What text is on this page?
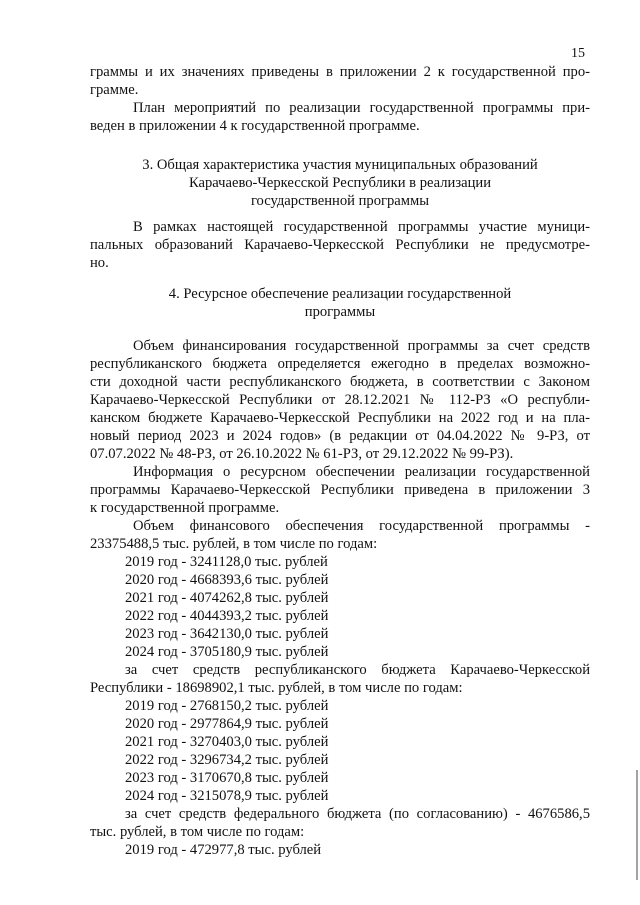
15
граммы и их значениях приведены в приложении 2 к государственной про-
грамме.
План мероприятий по реализации государственной программы при-
веден в приложении 4 к государственной программе.
3. Общая характеристика участия муниципальных образований
Карачаево-Черкесской Республики в реализации
государственной программы
В рамках настоящей государственной программы участие муници-
пальных образований Карачаево-Черкесской Республики не предусмотре-
но.
4. Ресурсное обеспечение реализации государственной
программы
Объем финансирования государственной программы за счет средств
республиканского бюджета определяется ежегодно в пределах возможно-
сти доходной части республиканского бюджета, в соответствии с Законом
Карачаево-Черкесской Республики от 28.12.2021 № 112-РЗ «О республи-
канском бюджете Карачаево-Черкесской Республики на 2022 год и на пла-
новый период 2023 и 2024 годов» (в редакции от 04.04.2022 № 9-РЗ, от
07.07.2022 № 48-РЗ, от 26.10.2022 № 61-РЗ, от 29.12.2022 № 99-РЗ).
Информация о ресурсном обеспечении реализации государственной
программы Карачаево-Черкесской Республики приведена в приложении 3
к государственной программе.
Объем финансового обеспечения государственной программы -
23375488,5 тыс. рублей, в том числе по годам:
2019 год - 3241128,0 тыс. рублей
2020 год - 4668393,6 тыс. рублей
2021 год - 4074262,8 тыс. рублей
2022 год - 4044393,2 тыс. рублей
2023 год - 3642130,0 тыс. рублей
2024 год - 3705180,9 тыс. рублей
за счет средств республиканского бюджета Карачаево-Черкесской
Республики - 18698902,1 тыс. рублей, в том числе по годам:
2019 год - 2768150,2 тыс. рублей
2020 год - 2977864,9 тыс. рублей
2021 год - 3270403,0 тыс. рублей
2022 год - 3296734,2 тыс. рублей
2023 год - 3170670,8 тыс. рублей
2024 год - 3215078,9 тыс. рублей
за счет средств федерального бюджета (по согласованию) - 4676586,5
тыс. рублей, в том числе по годам:
2019 год - 472977,8 тыс. рублей
